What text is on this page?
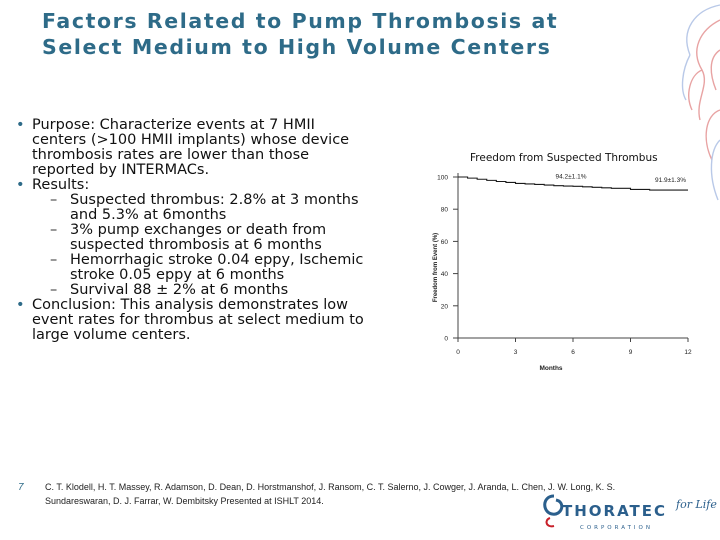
Factors Related to Pump Thrombosis at
Select Medium to High Volume Centers

• Purpose: Characterize events at 7 HMII
centers (>100 HMII implants) whose device
thrombosis rates are lower than those
reported by INTERMACs.

• Results:

– Suspected thrombus: 2.8% at 3 months
and 5.3% at 6months

– 3% pump exchanges or death from
suspected thrombosis at 6 months

– Hemorrhagic stroke 0.04 eppy, Ischemic
stroke 0.05 eppy at 6 months

– Survival 88 ± 2% at 6 months

• Conclusion: This analysis demonstrates low
event rates for thrombus at select medium to
large volume centers.

Freedom from Suspected Thrombus
0
20
40
60
80
100
0	3	6	9	12
Months
Freedom from Event (%)
94.2±1.1%
91.9±1.3%
7 C. T. Klodell, H. T. Massey, R. Adamson, D. Dean, D. Horstmanshof, J. Ransom, C. T. Salerno, J. Cowger, J. Aranda, L. Chen, J. W. Long, K. S.
Sundareswaran, D. J. Farrar, W. Dembitsky Presented at ISHLT 2014.
THORATEC
CORPORATION
for Life
